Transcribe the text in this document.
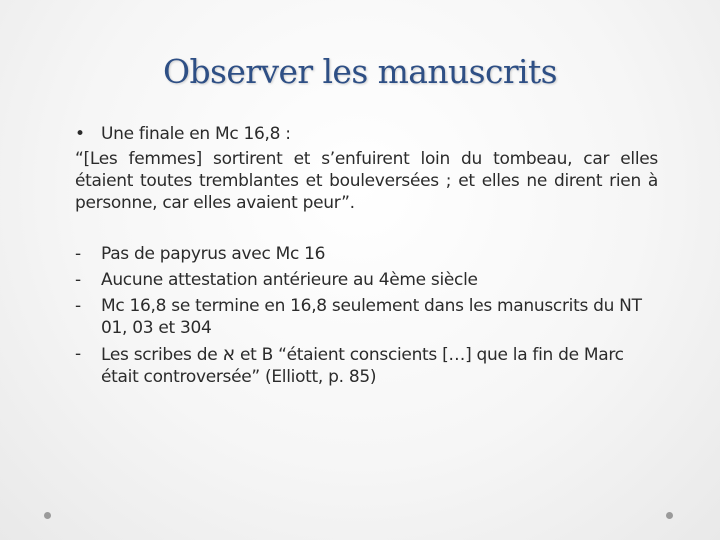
Observer les manuscrits
• Une finale en Mc 16,8 :
“[Les femmes] sortirent et s’enfuirent loin du tombeau, car elles étaient toutes tremblantes et bouleversées ; et elles ne dirent rien à personne, car elles avaient peur”.
-	Pas de papyrus avec Mc 16
-	Aucune attestation antérieure au 4ème siècle
-	Mc 16,8 se termine en 16,8 seulement dans les manuscrits du NT 01, 03 et 304
-	Les scribes de א et B “étaient conscients […] que la fin de Marc était controversée” (Elliott, p. 85)
